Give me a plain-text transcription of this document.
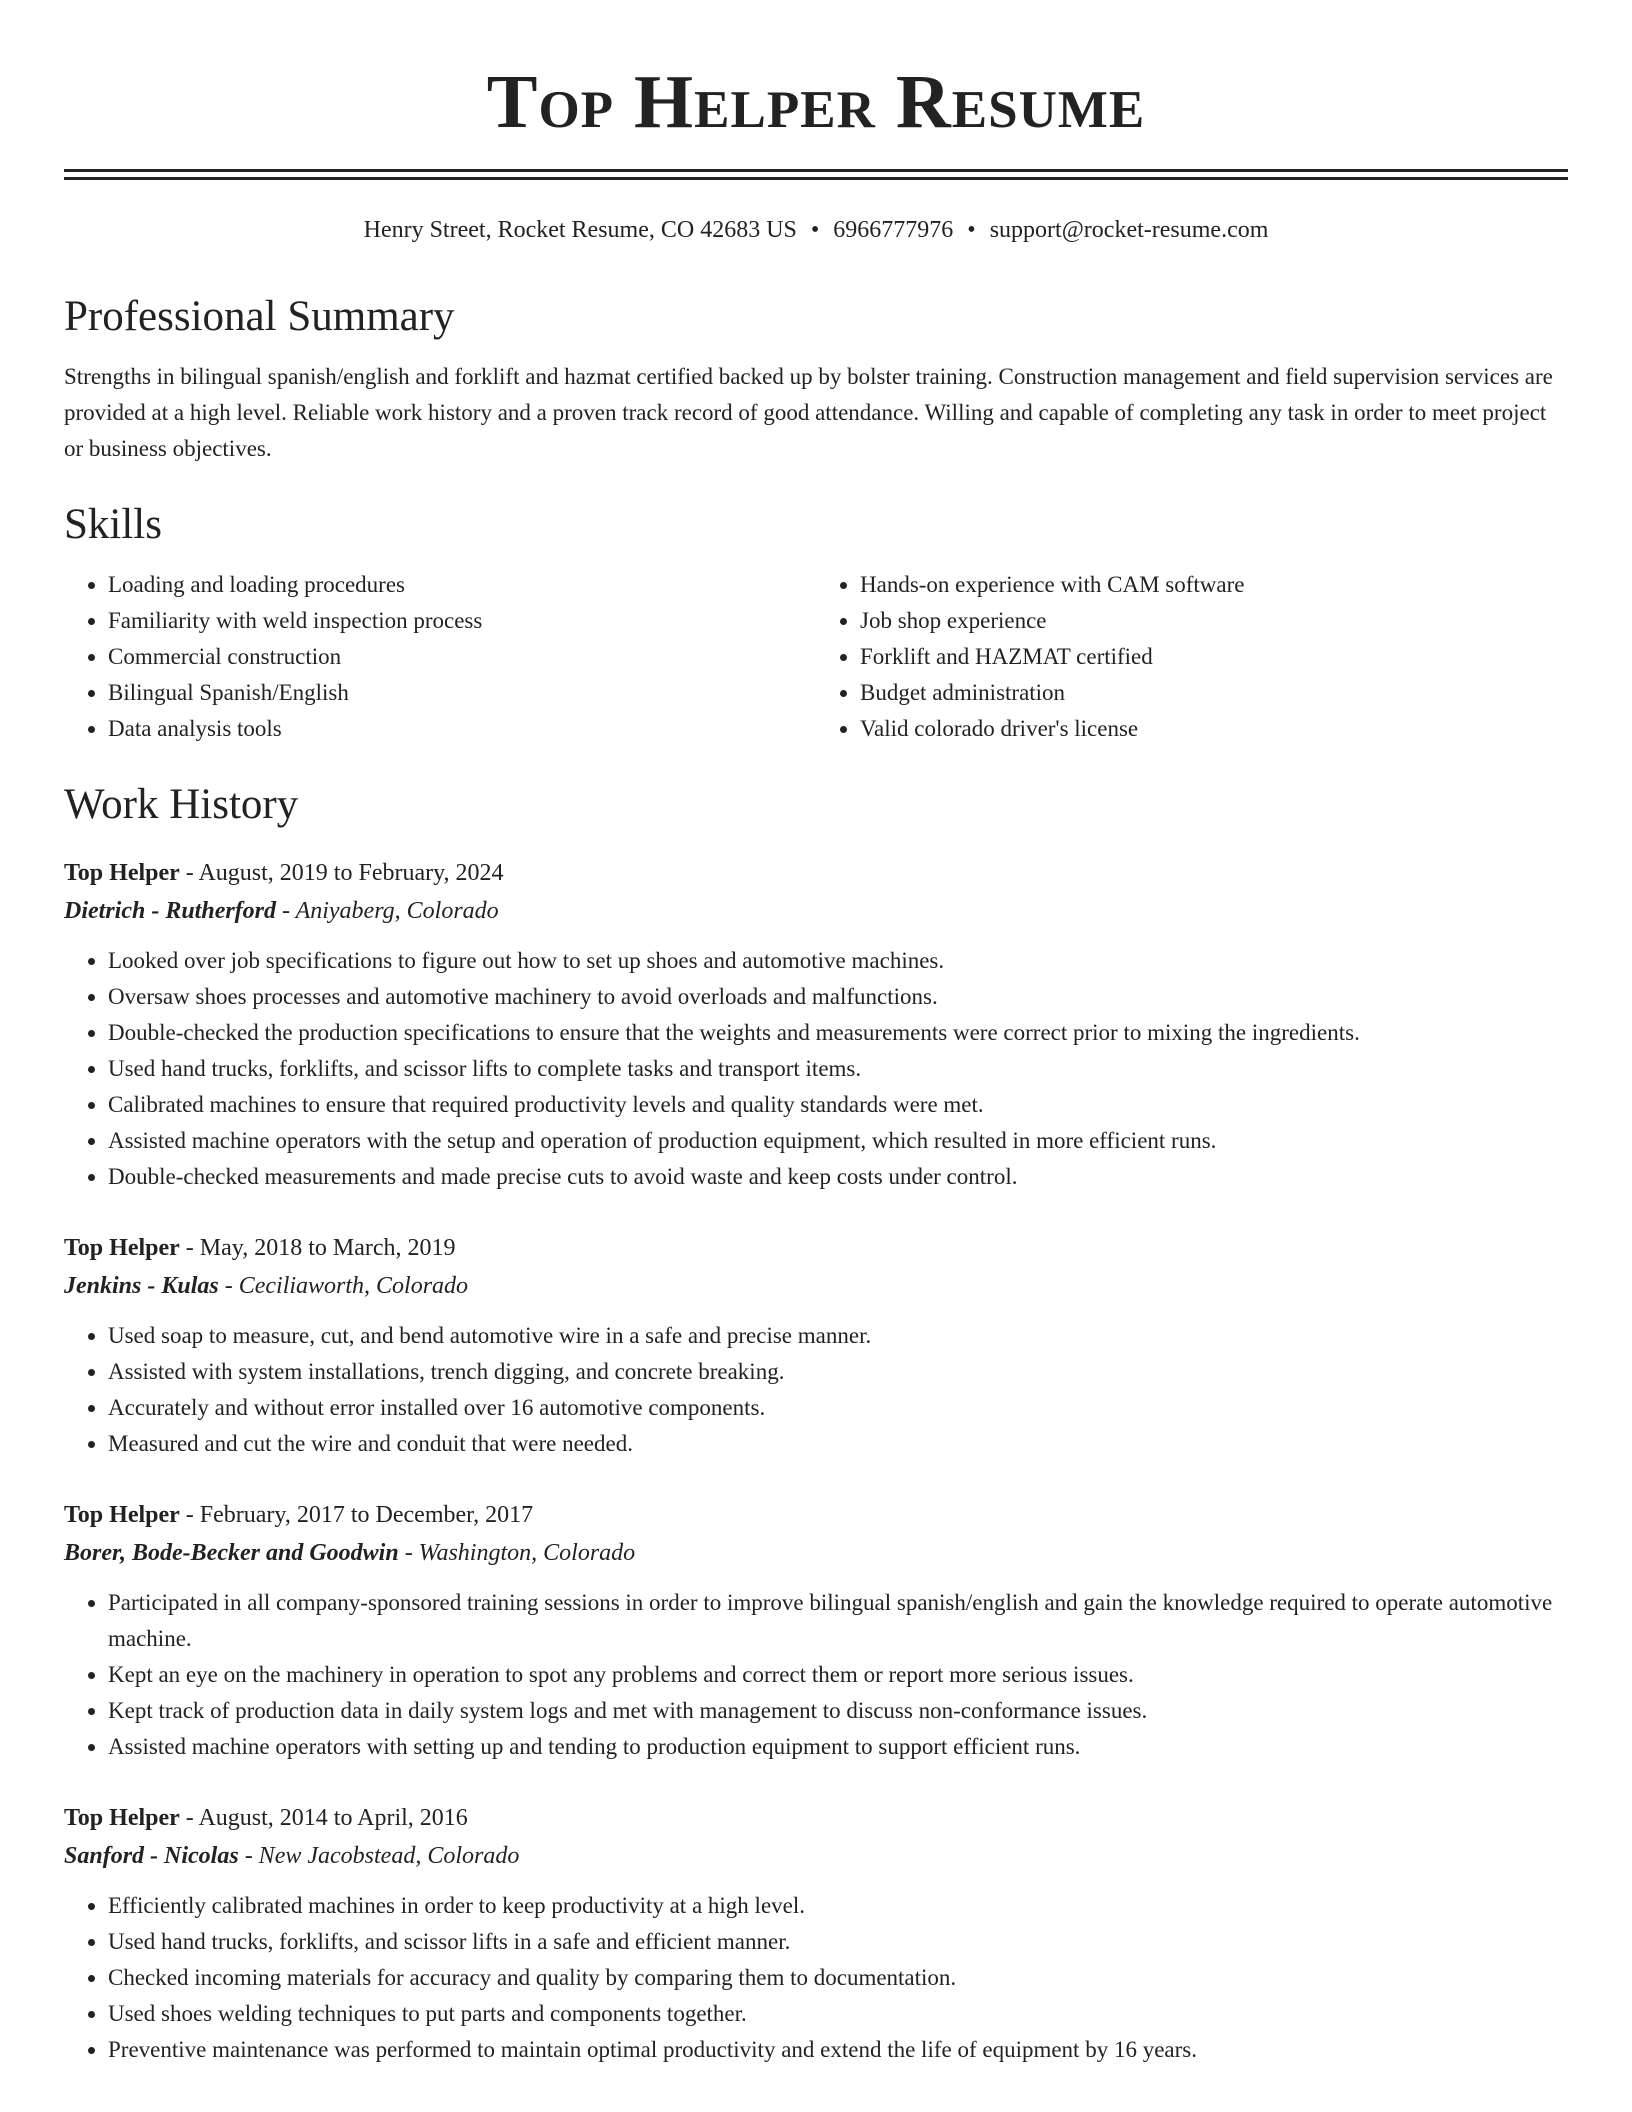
Top Helper Resume
Henry Street, Rocket Resume, CO 42683 US • 6966777976 • support@rocket-resume.com
Professional Summary

Strengths in bilingual spanish/english and forklift and hazmat certified backed up by bolster training. Construction management and field supervision services are provided at a high level. Reliable work history and a proven track record of good attendance. Willing and capable of completing any task in order to meet project or business objectives.

Skills
• Loading and loading procedures
• Familiarity with weld inspection process
• Commercial construction
• Bilingual Spanish/English
• Data analysis tools
• Hands-on experience with CAM software
• Job shop experience
• Forklift and HAZMAT certified
• Budget administration
• Valid colorado driver's license
Work History
Top Helper - August, 2019 to February, 2024
Dietrich - Rutherford - Aniyaberg, Colorado
• Looked over job specifications to figure out how to set up shoes and automotive machines.
• Oversaw shoes processes and automotive machinery to avoid overloads and malfunctions.
• Double-checked the production specifications to ensure that the weights and measurements were correct prior to mixing the ingredients.
• Used hand trucks, forklifts, and scissor lifts to complete tasks and transport items.
• Calibrated machines to ensure that required productivity levels and quality standards were met.
• Assisted machine operators with the setup and operation of production equipment, which resulted in more efficient runs.
• Double-checked measurements and made precise cuts to avoid waste and keep costs under control.
Top Helper - May, 2018 to March, 2019
Jenkins - Kulas - Ceciliaworth, Colorado
• Used soap to measure, cut, and bend automotive wire in a safe and precise manner.
• Assisted with system installations, trench digging, and concrete breaking.
• Accurately and without error installed over 16 automotive components.
• Measured and cut the wire and conduit that were needed.
Top Helper - February, 2017 to December, 2017
Borer, Bode-Becker and Goodwin - Washington, Colorado
• Participated in all company-sponsored training sessions in order to improve bilingual spanish/english and gain the knowledge required to operate automotive machine.
• Kept an eye on the machinery in operation to spot any problems and correct them or report more serious issues.
• Kept track of production data in daily system logs and met with management to discuss non-conformance issues.
• Assisted machine operators with setting up and tending to production equipment to support efficient runs.
Top Helper - August, 2014 to April, 2016
Sanford - Nicolas - New Jacobstead, Colorado
• Efficiently calibrated machines in order to keep productivity at a high level.
• Used hand trucks, forklifts, and scissor lifts in a safe and efficient manner.
• Checked incoming materials for accuracy and quality by comparing them to documentation.
• Used shoes welding techniques to put parts and components together.
• Preventive maintenance was performed to maintain optimal productivity and extend the life of equipment by 16 years.
